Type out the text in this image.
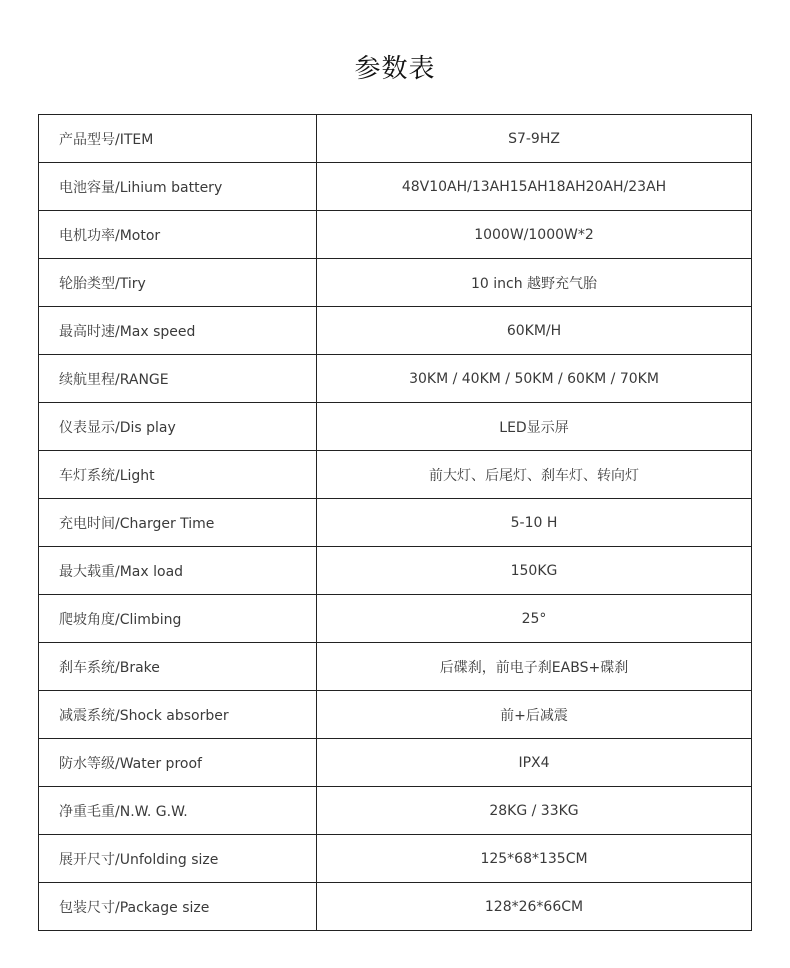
参数表
产品型号/ITEM	S7-9HZ
电池容量/Lihium battery	48V10AH/13AH15AH18AH20AH/23AH
电机功率/Motor	1000W/1000W*2
轮胎类型/Tiry	10 inch 越野充气胎
最高时速/Max speed	60KM/H
续航里程/RANGE	30KM / 40KM / 50KM / 60KM / 70KM
仪表显示/Dis play	LED显示屏
车灯系统/Light	前大灯、后尾灯、刹车灯、转向灯
充电时间/Charger Time	5-10 H
最大载重/Max load	150KG
爬坡角度/Climbing	25°
刹车系统/Brake	后碟刹，前电子刹EABS+碟刹
减震系统/Shock absorber	前+后减震
防水等级/Water proof	IPX4
净重毛重/N.W. G.W.	28KG / 33KG
展开尺寸/Unfolding size	125*68*135CM
包装尺寸/Package size	128*26*66CM
